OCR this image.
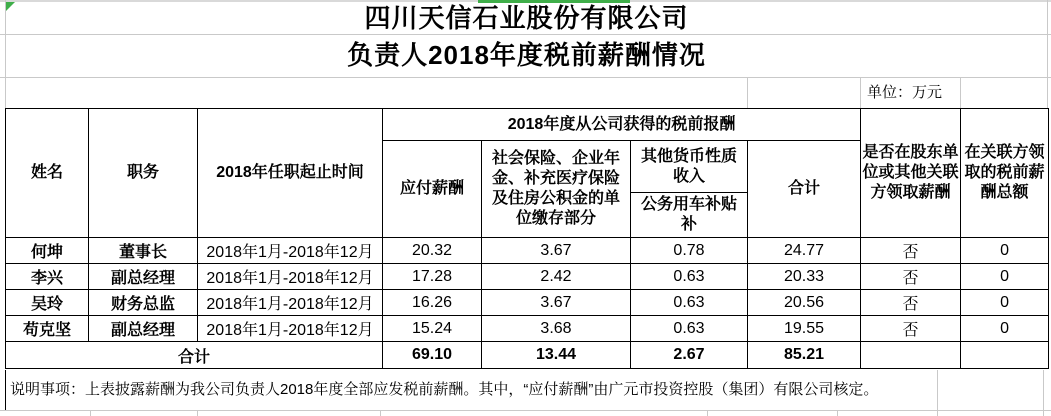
四川天信石业股份有限公司
负责人2018年度税前薪酬情况
单位：万元
姓名	职务	2018年任职起止时间	2018年度从公司获得的税前报酬				是否在股东单位或其他关联方领取薪酬	在关联方领取的税前薪酬总额
			应付薪酬	社会保险、企业年金、补充医疗保险及住房公积金的单位缴存部分	其他货币性质收入	合计		
					公务用车补贴补			
何坤	董事长	2018年1月-2018年12月	20.32	3.67	0.78	24.77	否	0
李兴	副总经理	2018年1月-2018年12月	17.28	2.42	0.63	20.33	否	0
吴玲	财务总监	2018年1月-2018年12月	16.26	3.67	0.63	20.56	否	0
苟克坚	副总经理	2018年1月-2018年12月	15.24	3.68	0.63	19.55	否	0
合计			69.10	13.44	2.67	85.21		
说明事项：上表披露薪酬为我公司负责人2018年度全部应发税前薪酬。其中，“应付薪酬”由广元市投资控股（集团）有限公司核定。
